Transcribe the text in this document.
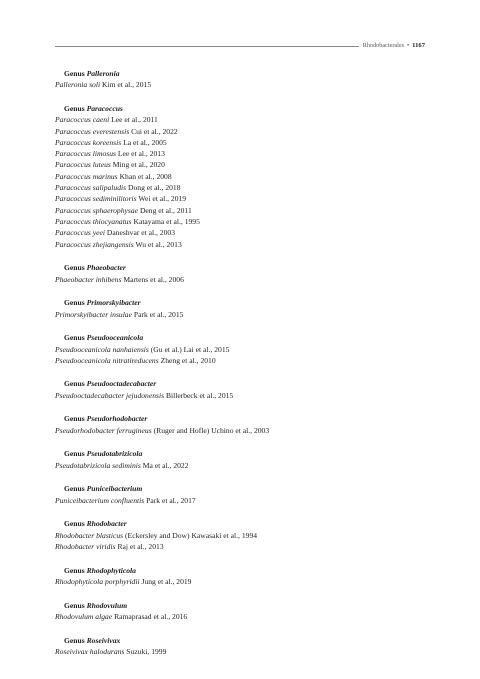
Rhodobacterales • 1167
Genus Palleronia
Palleronia soli Kim et al., 2015
Genus Paracoccus
Paracoccus caeni Lee et al., 2011
Paracoccus everestensis Cui et al., 2022
Paracoccus koreensis La et al., 2005
Paracoccus limosus Lee et al., 2013
Paracoccus luteus Ming et al., 2020
Paracoccus marinus Khan et al., 2008
Paracoccus salipaludis Dong et al., 2018
Paracoccus sediminilitoris Wei et al., 2019
Paracoccus sphaerophysae Deng et al., 2011
Paracoccus thiocyanatus Katayama et al., 1995
Paracoccus yeei Daneshvar et al., 2003
Paracoccus zhejiangensis Wu et al., 2013
Genus Phaeobacter
Phaeobacter inhibens Martens et al., 2006
Genus Primorskyibacter
Primorskyibacter insulae Park et al., 2015
Genus Pseudooceanicola
Pseudooceanicola nanhaiensis (Gu et al.) Lai et al., 2015
Pseudooceanicola nitratireducens Zheng et al., 2010
Genus Pseudooctadecabacter
Pseudooctadecabacter jejudonensis Billerbeck et al., 2015
Genus Pseudorhodobacter
Pseudorhodobacter ferrugineus (Ruger and Hofle) Uchino et al., 2003
Genus Pseudotabrizicola
Pseudotabrizicola sediminis Ma et al., 2022
Genus Puniceibacterium
Puniceibacterium confluentis Park et al., 2017
Genus Rhodobacter
Rhodobacter blasticus (Eckersley and Dow) Kawasaki et al., 1994
Rhodobacter viridis Raj et al., 2013
Genus Rhodophyticola
Rhodophyticola porphyridii Jung et al., 2019
Genus Rhodovulum
Rhodovulum algae Ramaprasad et al., 2016
Genus Roseivivax
Roseivivax halodurans Suzuki, 1999
